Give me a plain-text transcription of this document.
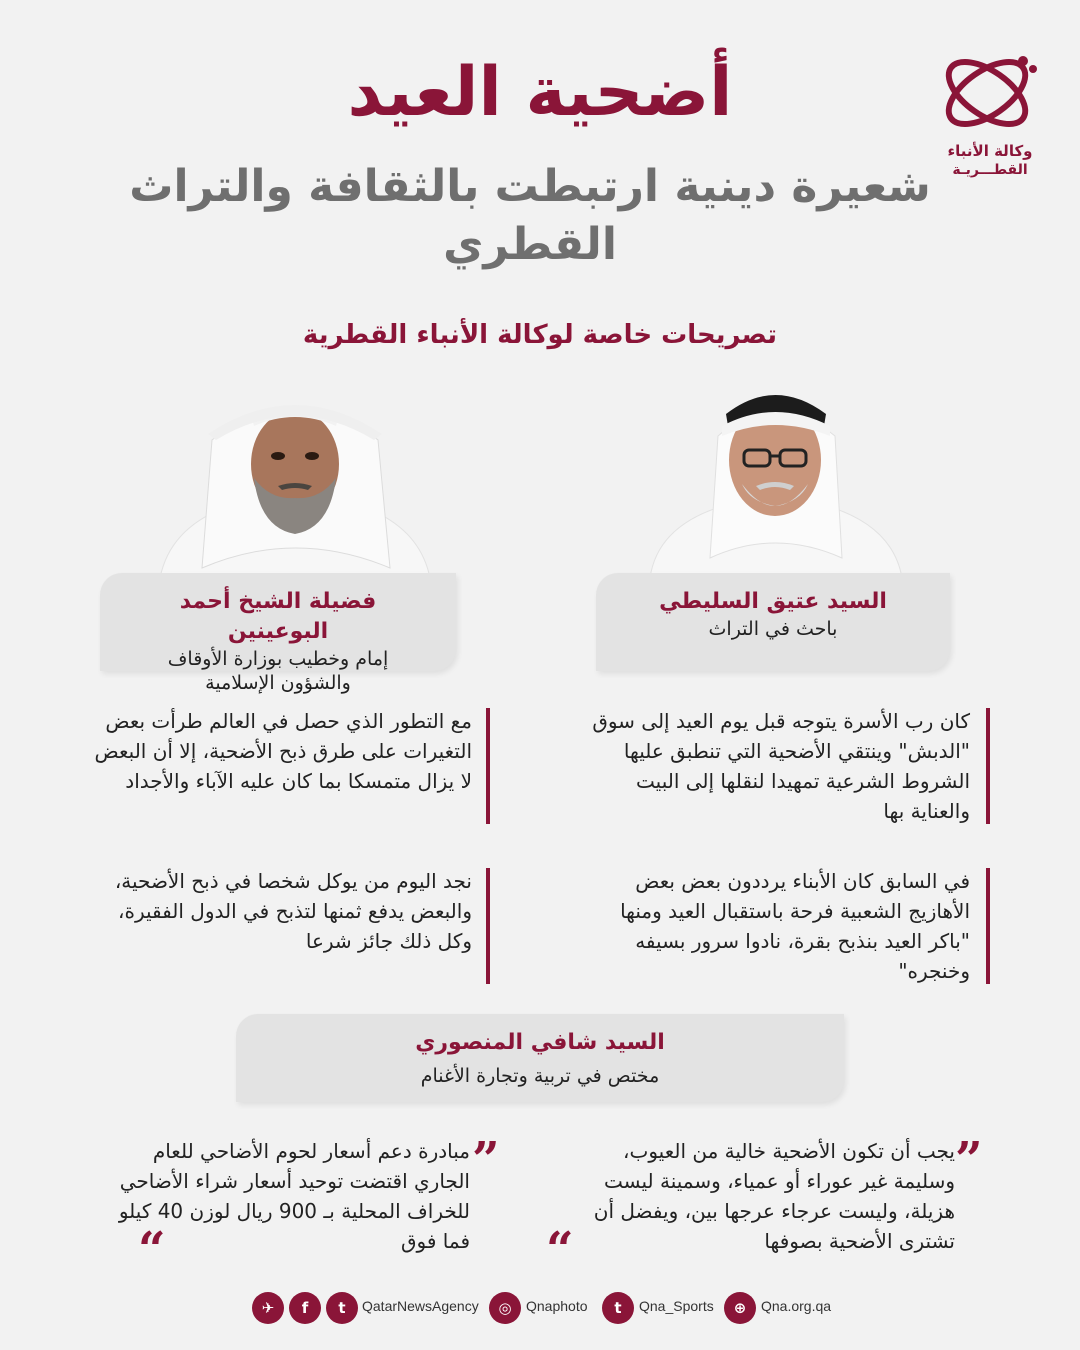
وكالة الأنباء
القطـــريـة
أضحية العيد
شعيرة دينية ارتبطت بالثقافة والتراث القطري
تصريحات خاصة لوكالة الأنباء القطرية
السيد عتيق السليطي
باحث في التراث
فضيلة الشيخ أحمد البوعينين
إمام وخطيب بوزارة الأوقاف والشؤون الإسلامية
كان رب الأسرة يتوجه قبل يوم العيد إلى سوق "الدبش" وينتقي الأضحية التي تنطبق عليها الشروط الشرعية تمهيدا لنقلها إلى البيت والعناية بها
مع التطور الذي حصل في العالم طرأت بعض التغيرات على طرق ذبح الأضحية، إلا أن البعض لا يزال متمسكا بما كان عليه الآباء والأجداد
في السابق كان الأبناء يرددون بعض بعض الأهازيج الشعبية فرحة باستقبال العيد ومنها "باكر العيد بنذبح بقرة، نادوا سرور بسيفه وخنجره"
نجد اليوم من يوكل شخصا في ذبح الأضحية، والبعض يدفع ثمنها لتذبح في الدول الفقيرة، وكل ذلك جائز شرعا
السيد شافي المنصوري
مختص في تربية وتجارة الأغنام
”
يجب أن تكون الأضحية خالية من العيوب، وسليمة غير عوراء أو عمياء، وسمينة ليست هزيلة، وليست عرجاء عرجها بين، ويفضل أن تشترى الأضحية بصوفها
“
”
مبادرة دعم أسعار لحوم الأضاحي للعام الجاري اقتضت توحيد أسعار شراء الأضاحي للخراف المحلية بـ 900 ريال لوزن 40 كيلو فما فوق
“
✈	f	t	QatarNewsAgency	◎	Qnaphoto	t	Qna_Sports	⊕	Qna.org.qa
